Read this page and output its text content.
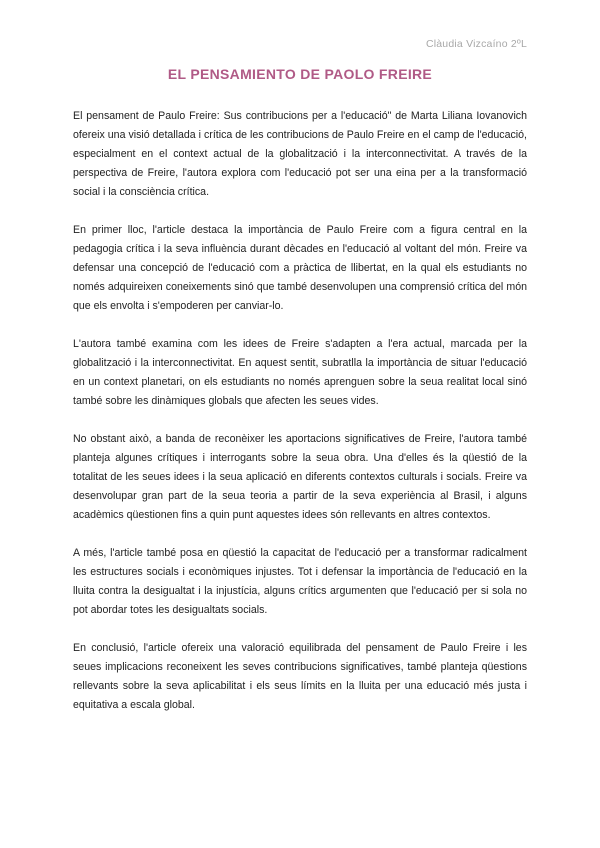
Clàudia Vizcaíno 2ºL
EL PENSAMIENTO DE PAOLO FREIRE

El pensament de Paulo Freire: Sus contribucions per a l'educació" de Marta Liliana Iovanovich ofereix una visió detallada i crítica de les contribucions de Paulo Freire en el camp de l'educació, especialment en el context actual de la globalització i la interconnectivitat. A través de la perspectiva de Freire, l'autora explora com l'educació pot ser una eina per a la transformació social i la consciència crítica.

En primer lloc, l'article destaca la importància de Paulo Freire com a figura central en la pedagogia crítica i la seva influència durant dècades en l'educació al voltant del món. Freire va defensar una concepció de l'educació com a pràctica de llibertat, en la qual els estudiants no només adquireixen coneixements sinó que també desenvolupen una comprensió crítica del món que els envolta i s'empoderen per canviar-lo.

L'autora també examina com les idees de Freire s'adapten a l'era actual, marcada per la globalització i la interconnectivitat. En aquest sentit, subratlla la importància de situar l'educació en un context planetari, on els estudiants no només aprenguen sobre la seua realitat local sinó també sobre les dinàmiques globals que afecten les seues vides.

No obstant això, a banda de reconèixer les aportacions significatives de Freire, l'autora també planteja algunes crítiques i interrogants sobre la seua obra. Una d'elles és la qüestió de la totalitat de les seues idees i la seua aplicació en diferents contextos culturals i socials. Freire va desenvolupar gran part de la seua teoria a partir de la seva experiència al Brasil, i alguns acadèmics qüestionen fins a quin punt aquestes idees són rellevants en altres contextos.

A més, l'article també posa en qüestió la capacitat de l'educació per a transformar radicalment les estructures socials i econòmiques injustes. Tot i defensar la importància de l'educació en la lluita contra la desigualtat i la injustícia, alguns crítics argumenten que l'educació per si sola no pot abordar totes les desigualtats socials.

En conclusió, l'article ofereix una valoració equilibrada del pensament de Paulo Freire i les seues implicacions reconeixent les seves contribucions significatives, també planteja qüestions rellevants sobre la seva aplicabilitat i els seus límits en la lluita per una educació més justa i equitativa a escala global.
